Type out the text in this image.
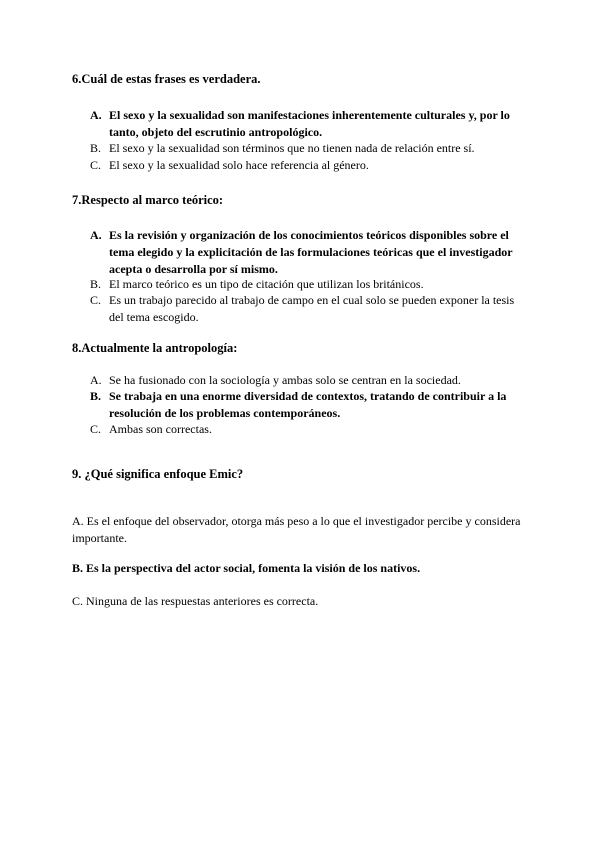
6.Cuál de estas frases es verdadera.
A. El sexo y la sexualidad son manifestaciones inherentemente culturales y, por lo tanto, objeto del escrutinio antropológico.
B. El sexo y la sexualidad son términos que no tienen nada de relación entre sí.
C. El sexo y la sexualidad solo hace referencia al género.
7.Respecto al marco teórico:
A. Es la revisión y organización de los conocimientos teóricos disponibles sobre el tema elegido y la explicitación de las formulaciones teóricas que el investigador acepta o desarrolla por sí mismo.
B. El marco teórico es un tipo de citación que utilizan los británicos.
C. Es un trabajo parecido al trabajo de campo en el cual solo se pueden exponer la tesis del tema escogido.
8.Actualmente la antropología:
A. Se ha fusionado con la sociología y ambas solo se centran en la sociedad.
B. Se trabaja en una enorme diversidad de contextos, tratando de contribuir a la resolución de los problemas contemporáneos.
C. Ambas son correctas.
9. ¿Qué significa enfoque Emic?
A. Es el enfoque del observador, otorga más peso a lo que el investigador percibe y considera importante.
B. Es la perspectiva del actor social, fomenta la visión de los nativos.
C. Ninguna de las respuestas anteriores es correcta.
